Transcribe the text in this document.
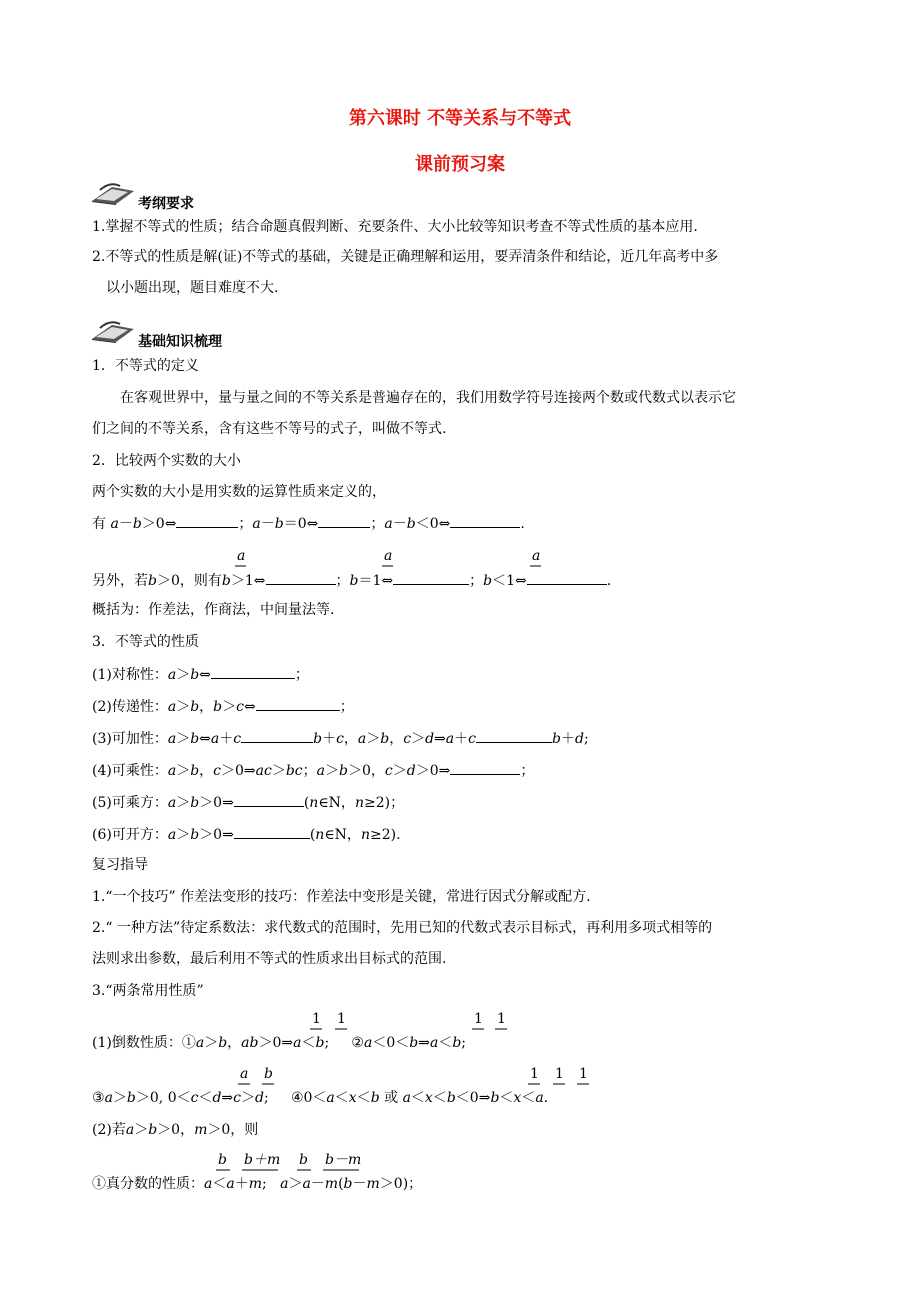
第六课时 不等关系与不等式
课前预习案
考纲要求
1.掌握不等式的性质；结合命题真假判断、充要条件、大小比较等知识考查不等式性质的基本应用.
2.不等式的性质是解(证)不等式的基础，关键是正确理解和运用，要弄清条件和结论，近几年高考中多
以小题出现，题目难度不大.
基础知识梳理
1．不等式的定义
在客观世界中，量与量之间的不等关系是普遍存在的，我们用数学符号连接两个数或代数式以表示它
们之间的不等关系，含有这些不等号的式子，叫做不等式.
2．比较两个实数的大小
两个实数的大小是用实数的运算性质来定义的，
有 a－b＞0⇔	；a－b＝0⇔	；a－b＜0⇔	.
a	a	a
另外，若b＞0，则有b＞1⇔	；b＝1⇔	；b＜1⇔	.
概括为：作差法，作商法，中间量法等.
3．不等式的性质
(1)对称性：a＞b⇔	；
(2)传递性：a＞b，b＞c⇔	；
(3)可加性：a＞b⇔a＋c	b＋c，a＞b，c＞d⇒a＋c	b＋d;
(4)可乘性：a＞b，c＞0⇒ac＞bc；a＞b＞0，c＞d＞0⇒	；
(5)可乘方：a＞b＞0⇒	(n∈N，n≥2)；
(6)可开方：a＞b＞0⇒	(n∈N，n≥2).
复习指导
1.“一个技巧” 作差法变形的技巧：作差法中变形是关键，常进行因式分解或配方.
2.“ 一种方法”待定系数法：求代数式的范围时，先用已知的代数式表示目标式，再利用多项式相等的
法则求出参数，最后利用不等式的性质求出目标式的范围.
3.“两条常用性质”
1 1	1 1
(1)倒数性质：①a＞b，ab＞0⇒a＜b;     ②a＜0＜b⇒a＜b;
a b	1 1 1
③a＞b＞0, 0＜c＜d⇒c＞d;     ④0＜a＜x＜b 或 a＜x＜b＜0⇒b＜x＜a.
(2)若a＞b＞0，m＞0，则
b b＋m b b－m
①真分数的性质：a＜a＋m;   a＞a－m(b－m＞0)；
